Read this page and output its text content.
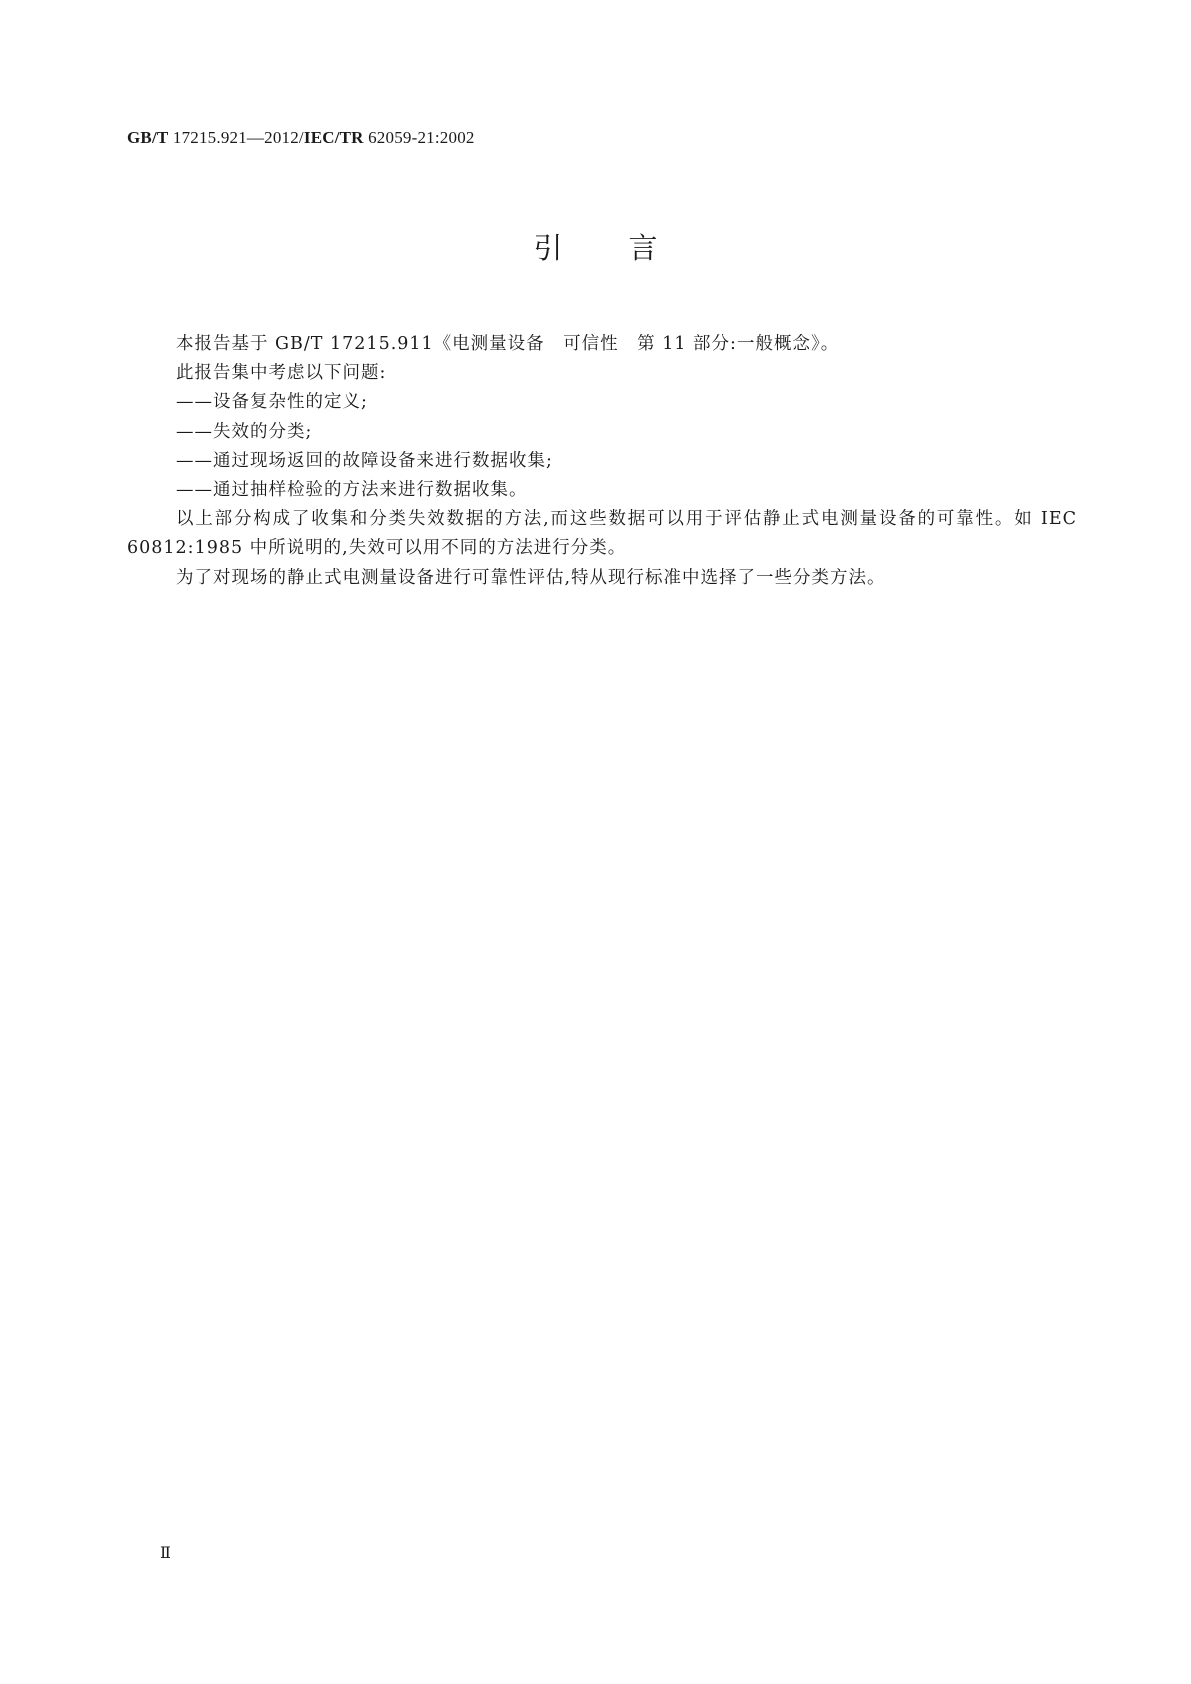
GB/T 17215.921—2012/IEC/TR 62059-21:2002
引 言

本报告基于 GB/T 17215.911《电测量设备　可信性　第 11 部分:一般概念》。

此报告集中考虑以下问题:

——设备复杂性的定义;

——失效的分类;

——通过现场返回的故障设备来进行数据收集;

——通过抽样检验的方法来进行数据收集。

以上部分构成了收集和分类失效数据的方法,而这些数据可以用于评估静止式电测量设备的可靠性。如 IEC 60812:1985 中所说明的,失效可以用不同的方法进行分类。

为了对现场的静止式电测量设备进行可靠性评估,特从现行标准中选择了一些分类方法。

Ⅱ
